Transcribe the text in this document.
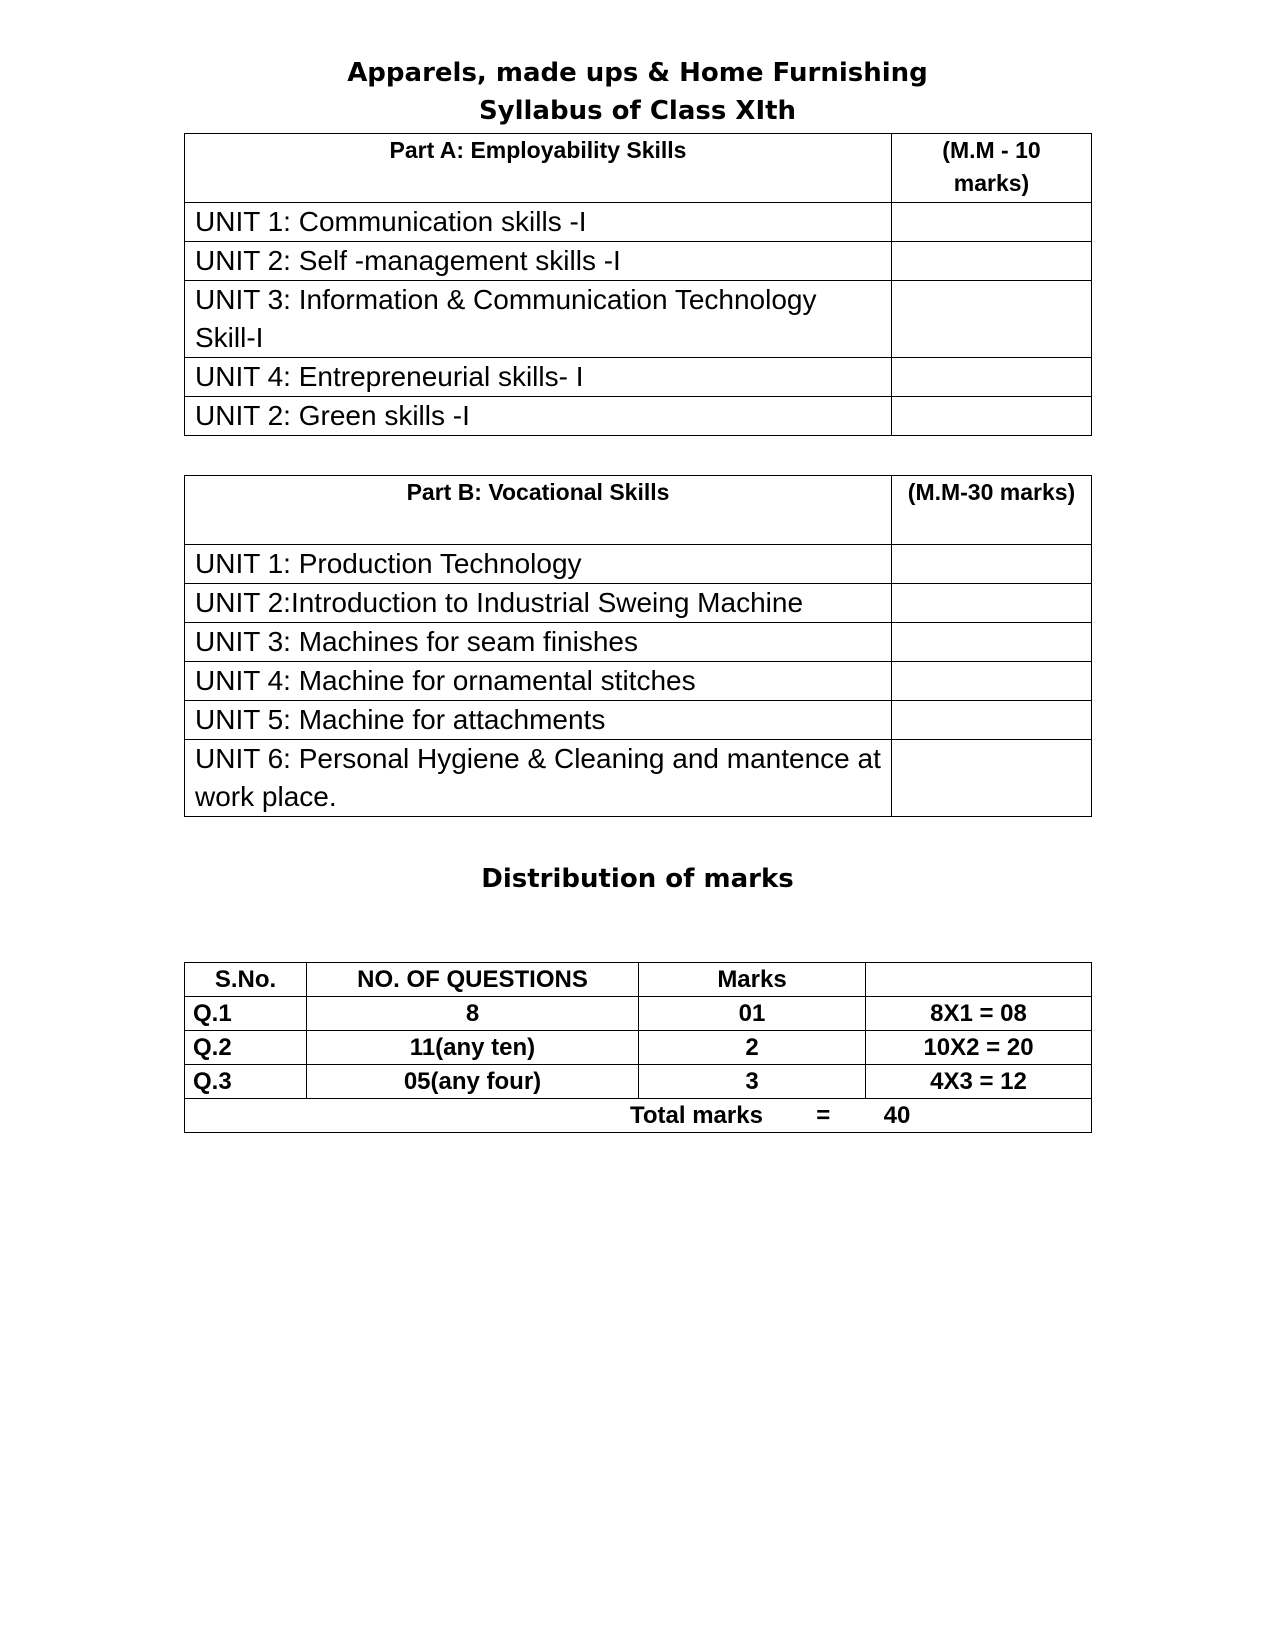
Apparels, made ups & Home Furnishing
Syllabus of Class XIth
Part A: Employability Skills	(M.M - 10 marks)
UNIT 1: Communication skills -I	
UNIT 2: Self -management skills -I	
UNIT 3: Information & Communication Technology Skill-I	
UNIT 4: Entrepreneurial skills- I	
UNIT 2: Green skills -I	
Part B: Vocational Skills	(M.M-30 marks)
UNIT 1: Production Technology	
UNIT 2:Introduction to Industrial Sweing Machine	
UNIT 3: Machines for seam finishes	
UNIT 4: Machine for ornamental stitches	
UNIT 5: Machine for attachments	
UNIT 6: Personal Hygiene & Cleaning and mantence at work place.	
Distribution of marks
S.No.	NO. OF QUESTIONS	Marks	
Q.1	8	01	8X1 = 08
Q.2	11(any ten)	2	10X2 = 20
Q.3	05(any four)	3	4X3 = 12
Total marks = 40			
